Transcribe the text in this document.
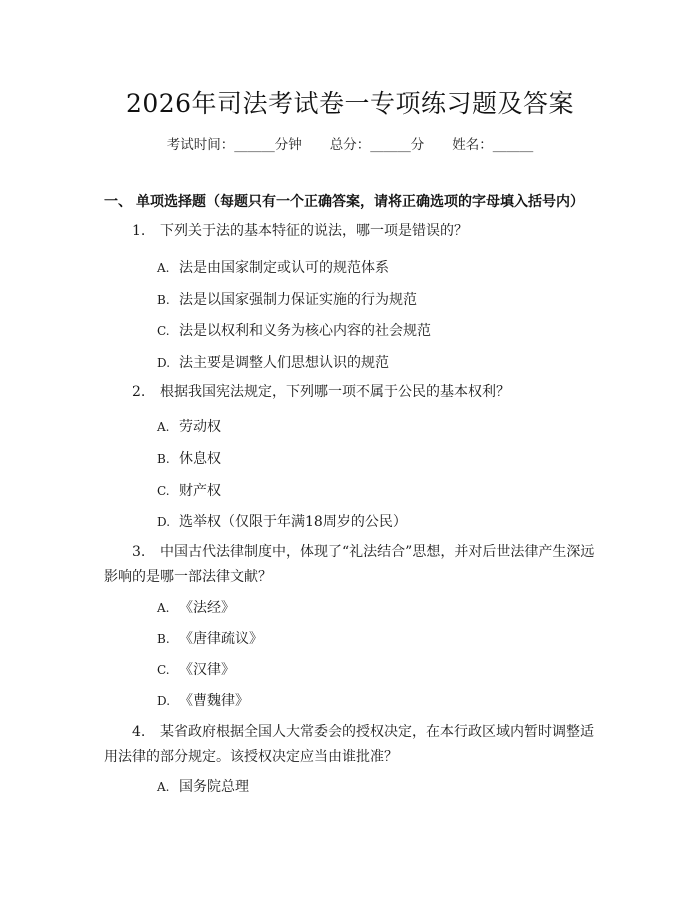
2026年司法考试卷一专项练习题及答案
考试时间：______分钟 总分：______分 姓名：______
一、 单项选择题（每题只有一个正确答案，请将正确选项的字母填入括号内）
1. 下列关于法的基本特征的说法，哪一项是错误的？
A. 法是由国家制定或认可的规范体系
B. 法是以国家强制力保证实施的行为规范
C. 法是以权利和义务为核心内容的社会规范
D. 法主要是调整人们思想认识的规范
2. 根据我国宪法规定，下列哪一项不属于公民的基本权利？
A. 劳动权
B. 休息权
C. 财产权
D. 选举权（仅限于年满18周岁的公民）
3. 中国古代法律制度中，体现了“礼法结合”思想，并对后世法律产生深远影响的是哪一部法律文献？
A. 《法经》
B. 《唐律疏议》
C. 《汉律》
D. 《曹魏律》
4. 某省政府根据全国人大常委会的授权决定，在本行政区域内暂时调整适用法律的部分规定。该授权决定应当由谁批准？
A. 国务院总理
